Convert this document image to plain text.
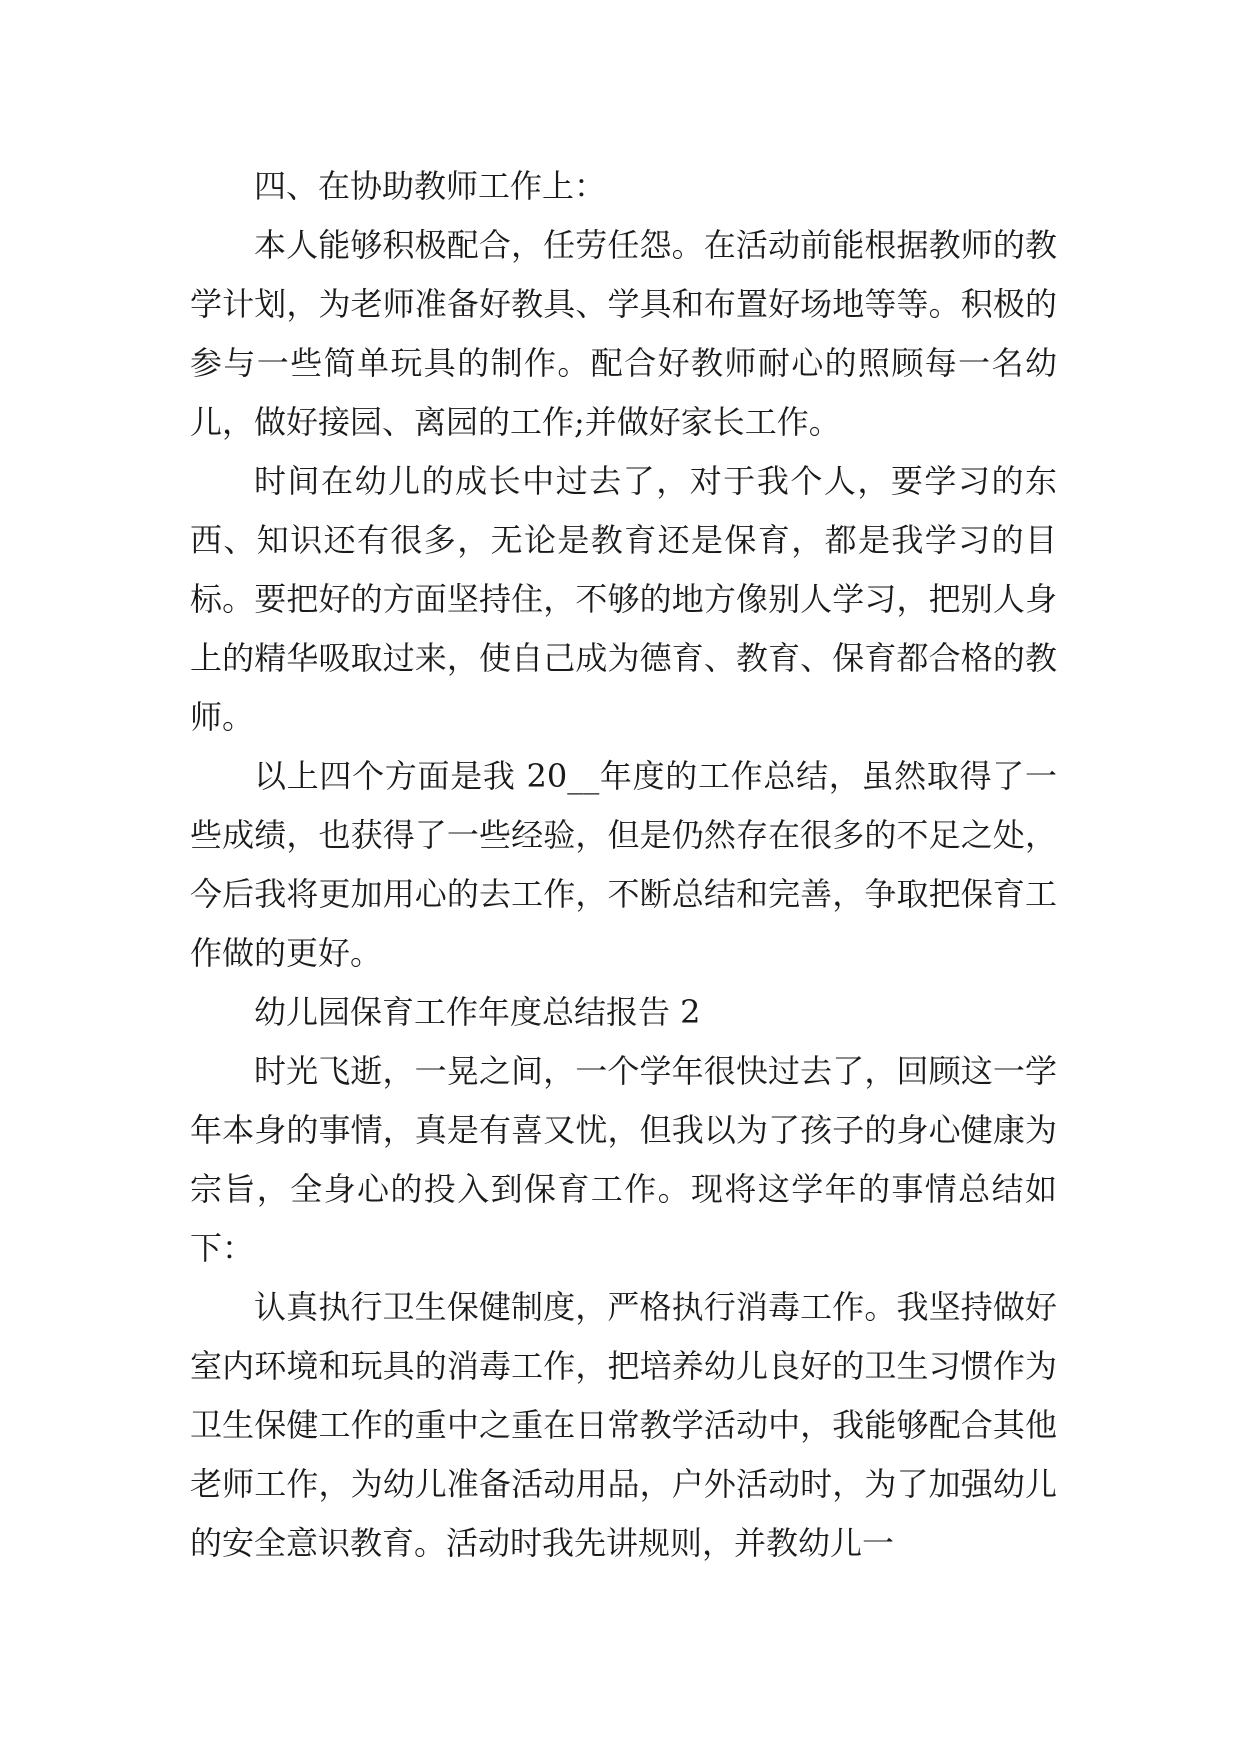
四、在协助教师工作上：

本人能够积极配合，任劳任怨。在活动前能根据教师的教学计划，为老师准备好教具、学具和布置好场地等等。积极的参与一些简单玩具的制作。配合好教师耐心的照顾每一名幼儿，做好接园、离园的工作;并做好家长工作。

时间在幼儿的成长中过去了，对于我个人，要学习的东西、知识还有很多，无论是教育还是保育，都是我学习的目标。要把好的方面坚持住，不够的地方像别人学习，把别人身上的精华吸取过来，使自己成为德育、教育、保育都合格的教师。

以上四个方面是我 20__年度的工作总结，虽然取得了一些成绩，也获得了一些经验，但是仍然存在很多的不足之处，今后我将更加用心的去工作，不断总结和完善，争取把保育工作做的更好。

幼儿园保育工作年度总结报告 2

时光飞逝，一晃之间，一个学年很快过去了，回顾这一学年本身的事情，真是有喜又忧，但我以为了孩子的身心健康为宗旨，全身心的投入到保育工作。现将这学年的事情总结如下：

认真执行卫生保健制度，严格执行消毒工作。我坚持做好室内环境和玩具的消毒工作，把培养幼儿良好的卫生习惯作为卫生保健工作的重中之重在日常教学活动中，我能够配合其他老师工作，为幼儿准备活动用品，户外活动时，为了加强幼儿的安全意识教育。活动时我先讲规则，并教幼儿一
